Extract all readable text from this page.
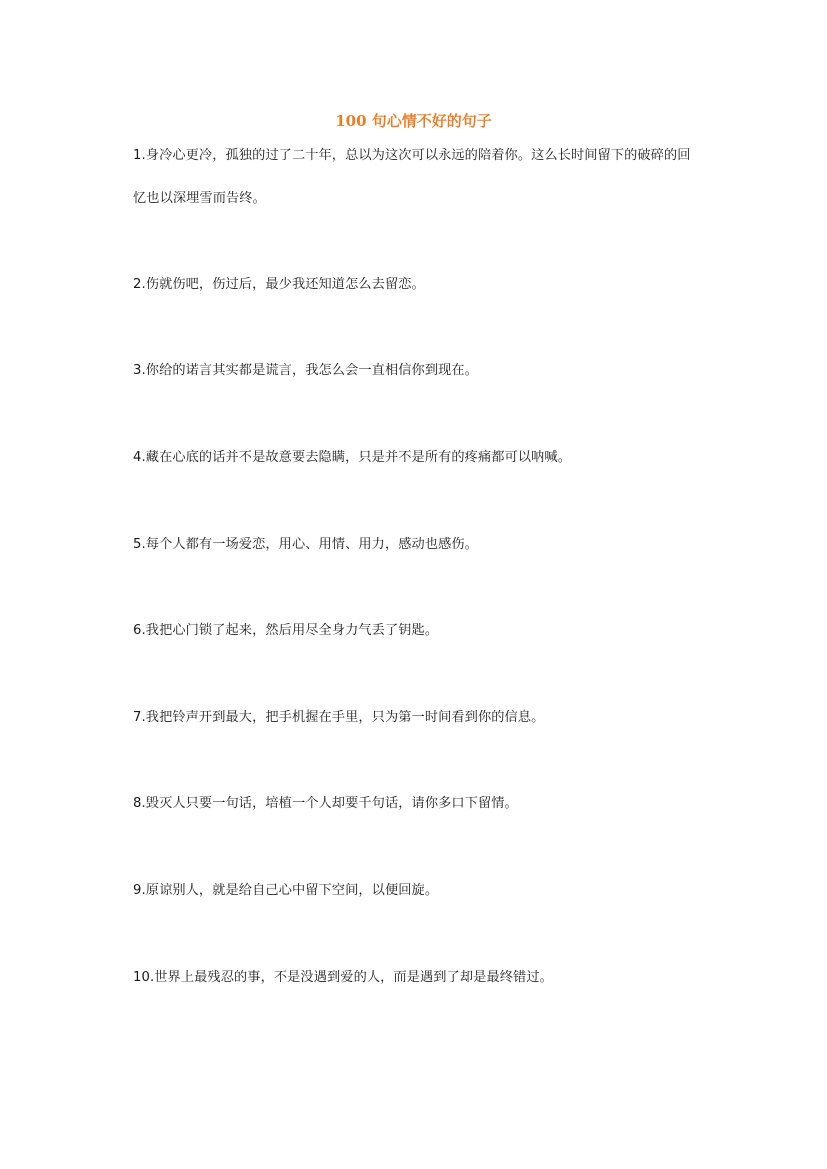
100 句心情不好的句子
1.身冷心更冷，孤独的过了二十年，总以为这次可以永远的陪着你。这么长时间留下的破碎的回忆也以深埋雪而告终。
2.伤就伤吧，伤过后，最少我还知道怎么去留恋。
3.你给的诺言其实都是谎言，我怎么会一直相信你到现在。
4.藏在心底的话并不是故意要去隐瞒，只是并不是所有的疼痛都可以呐喊。
5.每个人都有一场爱恋，用心、用情、用力，感动也感伤。
6.我把心门锁了起来，然后用尽全身力气丢了钥匙。
7.我把铃声开到最大，把手机握在手里，只为第一时间看到你的信息。
8.毁灭人只要一句话，培植一个人却要千句话，请你多口下留情。
9.原谅别人，就是给自己心中留下空间，以便回旋。
10.世界上最残忍的事，不是没遇到爱的人，而是遇到了却是最终错过。
